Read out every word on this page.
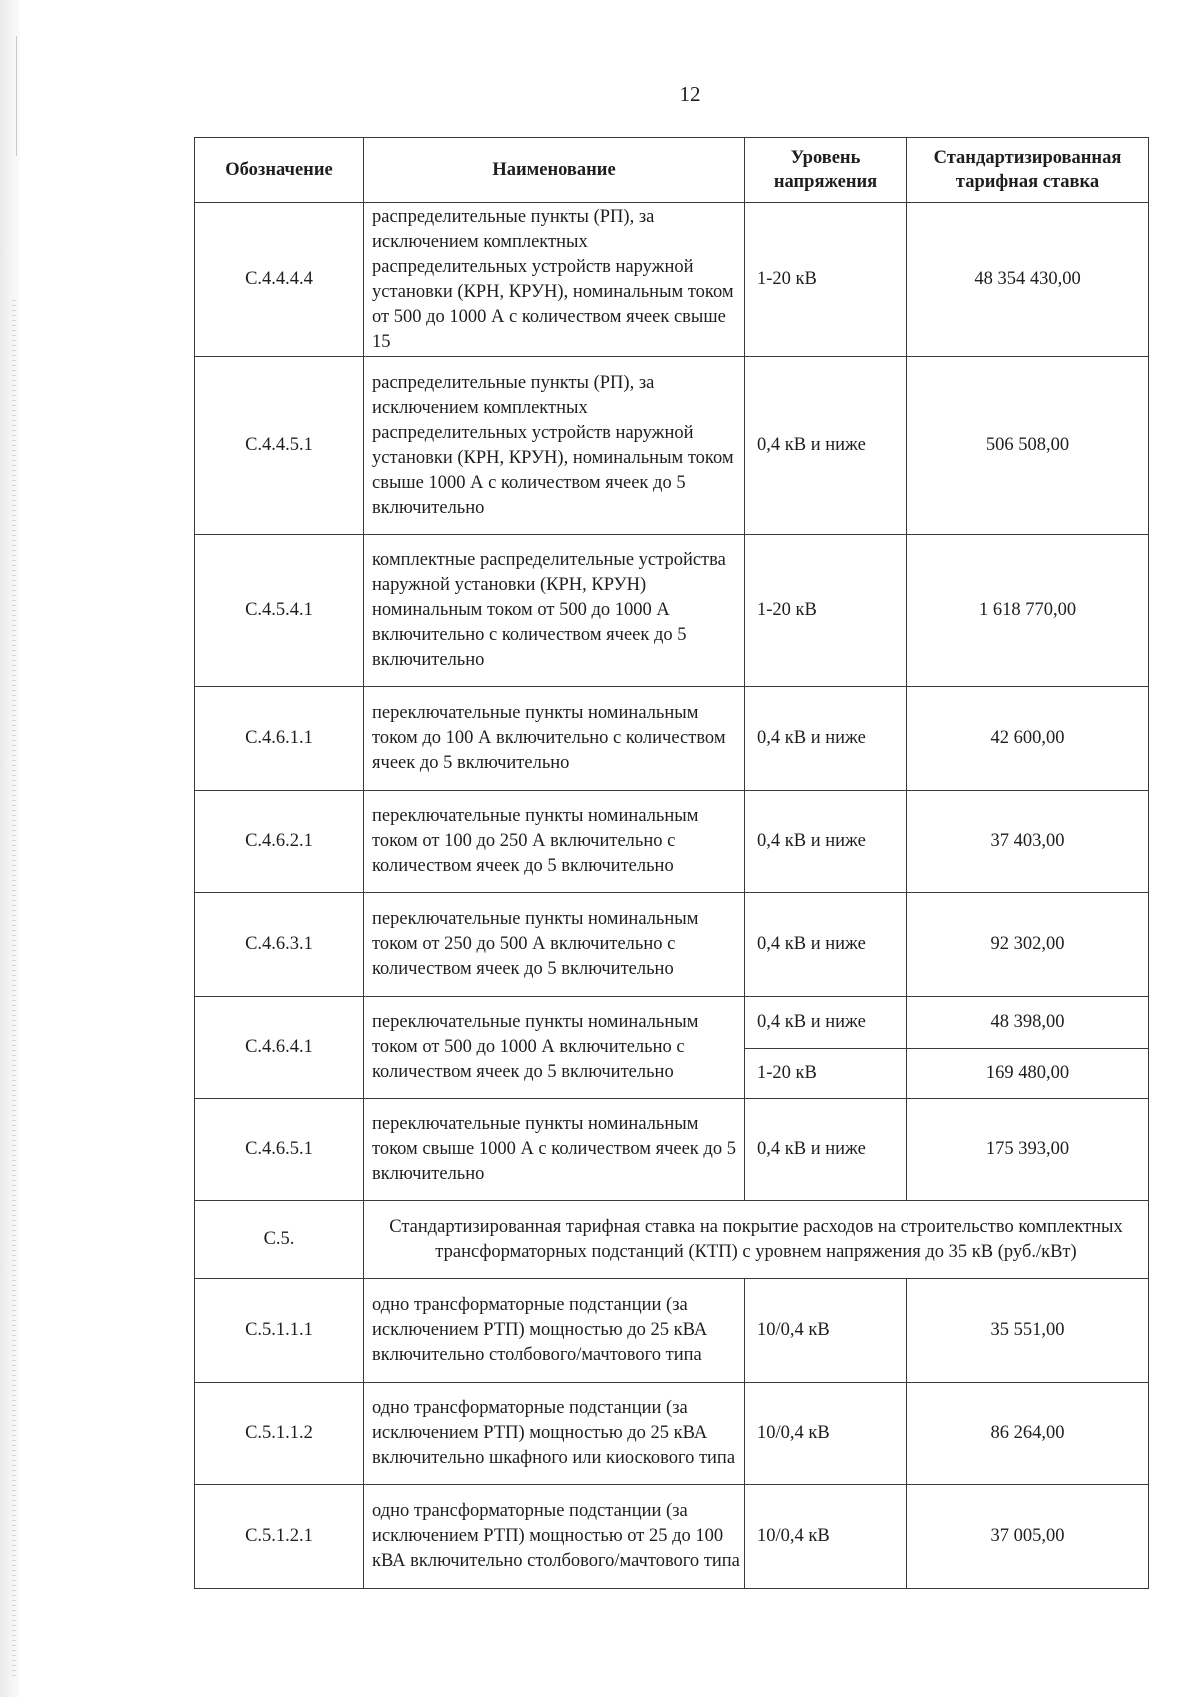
12
Обозначение	Наименование	Уровень напряжения	Стандартизированная тарифная ставка
С.4.4.4.4	распределительные пункты (РП), за исключением комплектных распределительных устройств наружной установки (КРН, КРУН), номинальным током от 500 до 1000 А с количеством ячеек свыше 15	1-20 кВ	48 354 430,00
С.4.4.5.1	распределительные пункты (РП), за исключением комплектных распределительных устройств наружной установки (КРН, КРУН), номинальным током свыше 1000 А с количеством ячеек до 5 включительно	0,4 кВ и ниже	506 508,00
С.4.5.4.1	комплектные распределительные устройства наружной установки (КРН, КРУН) номинальным током от 500 до 1000 А включительно с количеством ячеек до 5 включительно	1-20 кВ	1 618 770,00
С.4.6.1.1	переключательные пункты номинальным током до 100 А включительно с количеством ячеек до 5 включительно	0,4 кВ и ниже	42 600,00
С.4.6.2.1	переключательные пункты номинальным током от 100 до 250 А включительно с количеством ячеек до 5 включительно	0,4 кВ и ниже	37 403,00
С.4.6.3.1	переключательные пункты номинальным током от 250 до 500 А включительно с количеством ячеек до 5 включительно	0,4 кВ и ниже	92 302,00
С.4.6.4.1	переключательные пункты номинальным током от 500 до 1000 А включительно с количеством ячеек до 5 включительно	0,4 кВ и ниже	48 398,00
		1-20 кВ	169 480,00
С.4.6.5.1	переключательные пункты номинальным током свыше 1000 А с количеством ячеек до 5 включительно	0,4 кВ и ниже	175 393,00
С.5.	Стандартизированная тарифная ставка на покрытие расходов на строительство комплектных трансформаторных подстанций (КТП) с уровнем напряжения до 35 кВ (руб./кВт)		
С.5.1.1.1	одно трансформаторные подстанции (за исключением РТП) мощностью до 25 кВА включительно столбового/мачтового типа	10/0,4 кВ	35 551,00
С.5.1.1.2	одно трансформаторные подстанции (за исключением РТП) мощностью до 25 кВА включительно шкафного или киоскового типа	10/0,4 кВ	86 264,00
С.5.1.2.1	одно трансформаторные подстанции (за исключением РТП) мощностью от 25 до 100 кВА включительно столбового/мачтового типа	10/0,4 кВ	37 005,00
